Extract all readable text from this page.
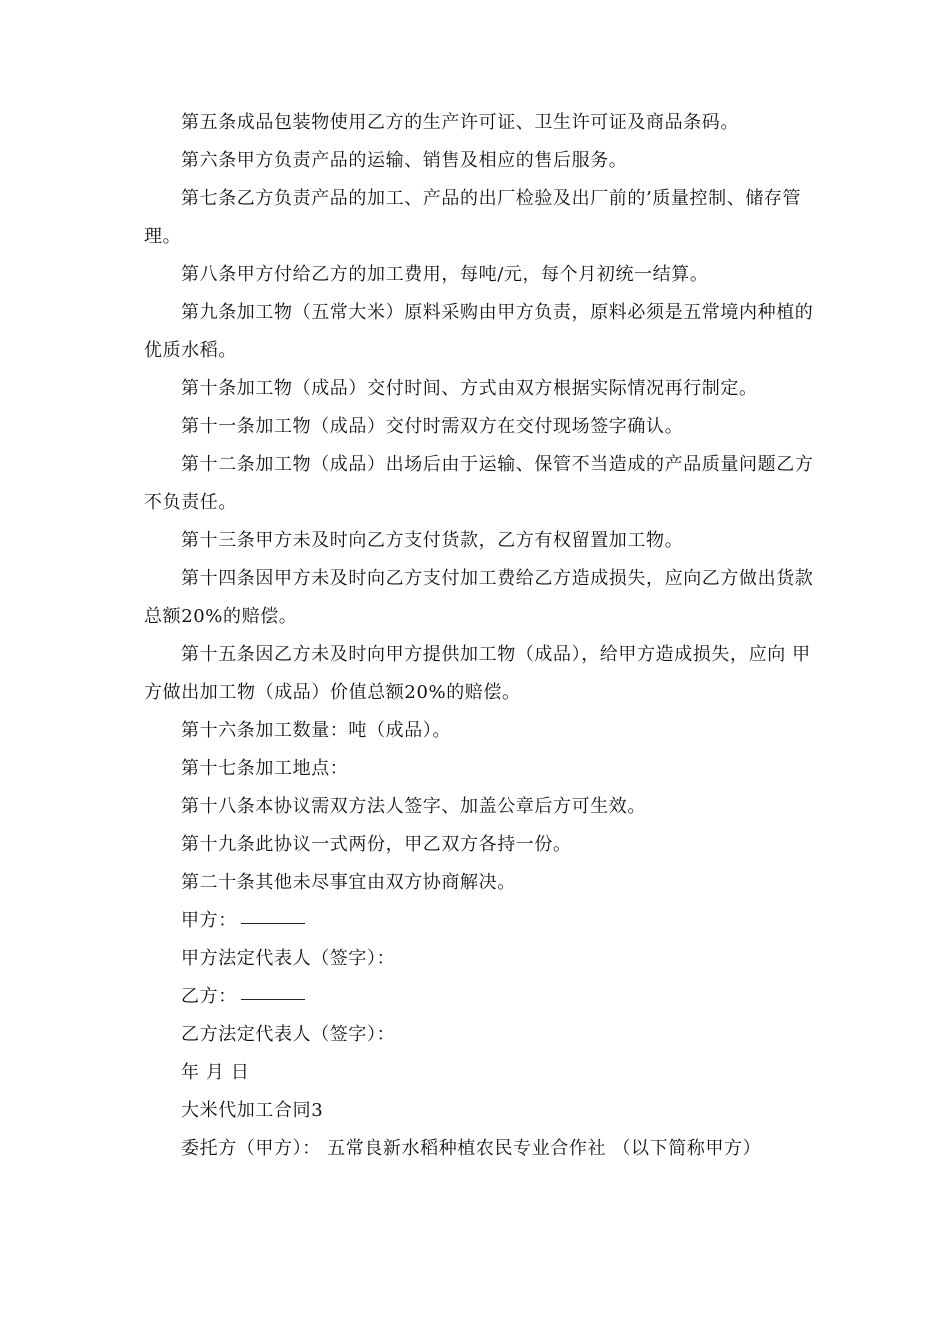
第五条成品包装物使用乙方的生产许可证、卫生许可证及商品条码。

第六条甲方负责产品的运输、销售及相应的售后服务。

第七条乙方负责产品的加工、产品的出厂检验及出厂前的’质量控制、储存管理。

第八条甲方付给乙方的加工费用，每吨/元，每个月初统一结算。

第九条加工物（五常大米）原料采购由甲方负责，原料必须是五常境内种植的优质水稻。

第十条加工物（成品）交付时间、方式由双方根据实际情况再行制定。

第十一条加工物（成品）交付时需双方在交付现场签字确认。

第十二条加工物（成品）出场后由于运输、保管不当造成的产品质量问题乙方不负责任。

第十三条甲方未及时向乙方支付货款，乙方有权留置加工物。

第十四条因甲方未及时向乙方支付加工费给乙方造成损失，应向乙方做出货款总额20%的赔偿。

第十五条因乙方未及时向甲方提供加工物（成品），给甲方造成损失，应向 甲方做出加工物（成品）价值总额20%的赔偿。

第十六条加工数量：吨（成品）。

第十七条加工地点：

第十八条本协议需双方法人签字、加盖公章后方可生效。

第十九条此协议一式两份，甲乙双方各持一份。

第二十条其他未尽事宜由双方协商解决。

甲方：

甲方法定代表人（签字）：

乙方：

乙方法定代表人（签字）：

年 月 日

大米代加工合同3

委托方（甲方）： 五常良新水稻种植农民专业合作社 （以下简称甲方）
